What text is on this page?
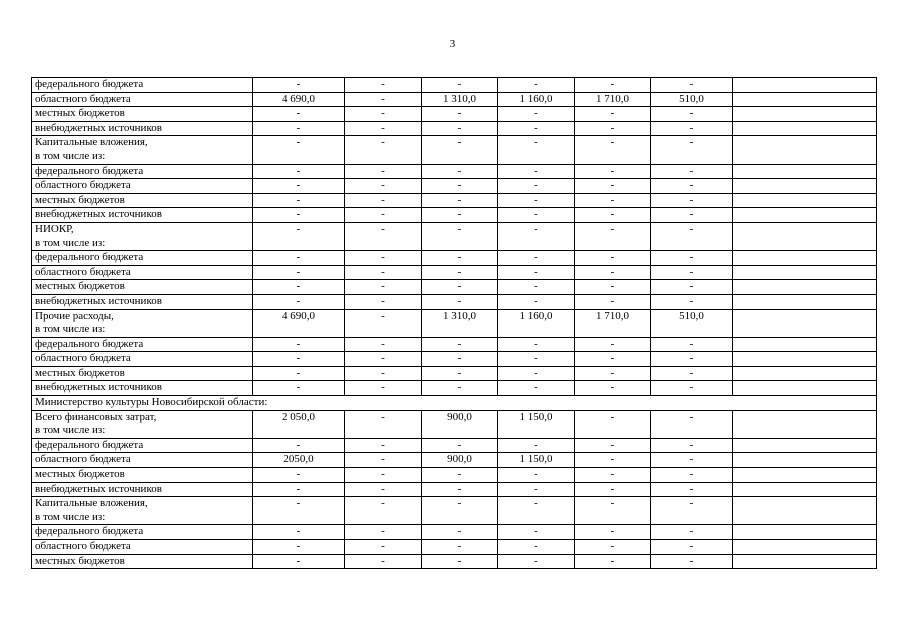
3
федерального бюджета	-	-	-	-	-	-	
областного бюджета	4 690,0	-	1 310,0	1 160,0	1 710,0	510,0	
местных бюджетов	-	-	-	-	-	-	
внебюджетных источников	-	-	-	-	-	-	
Капитальные вложения,
в том числе из:	-	-	-	-	-	-	
федерального бюджета	-	-	-	-	-	-	
областного бюджета	-	-	-	-	-	-	
местных бюджетов	-	-	-	-	-	-	
внебюджетных источников	-	-	-	-	-	-	
НИОКР,
в том числе из:	-	-	-	-	-	-	
федерального бюджета	-	-	-	-	-	-	
областного бюджета	-	-	-	-	-	-	
местных бюджетов	-	-	-	-	-	-	
внебюджетных источников	-	-	-	-	-	-	
Прочие расходы,
в том числе из:	4 690,0	-	1 310,0	1 160,0	1 710,0	510,0	
федерального бюджета	-	-	-	-	-	-	
областного бюджета	-	-	-	-	-	-	
местных бюджетов	-	-	-	-	-	-	
внебюджетных источников	-	-	-	-	-	-	
Министерство культуры Новосибирской области:							
Всего финансовых затрат,
в том числе из:	2 050,0	-	900,0	1 150,0	-	-	
федерального бюджета	-	-	-	-	-	-	
областного бюджета	2050,0	-	900,0	1 150,0	-	-	
местных бюджетов	-	-	-	-	-	-	
внебюджетных источников	-	-	-	-	-	-	
Капитальные вложения,
в том числе из:	-	-	-	-	-	-	
федерального бюджета	-	-	-	-	-	-	
областного бюджета	-	-	-	-	-	-	
местных бюджетов	-	-	-	-	-	-	
